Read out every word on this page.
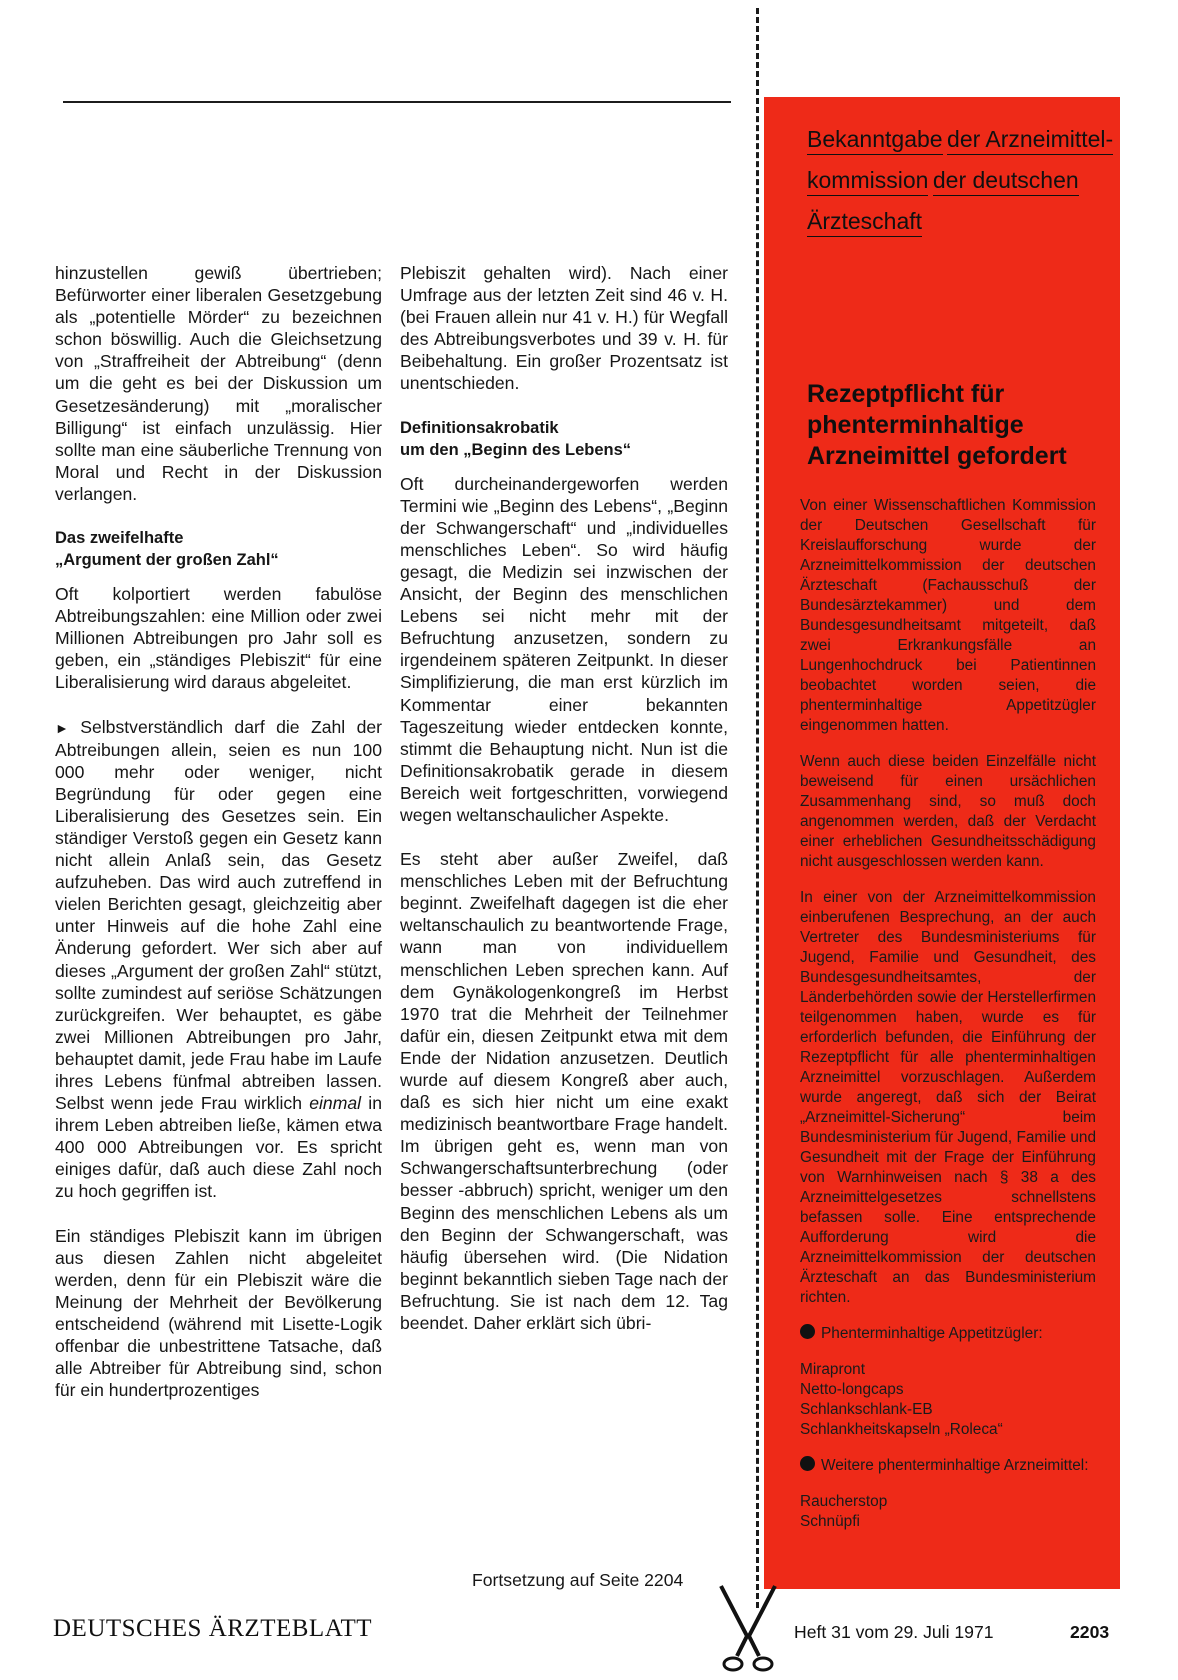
hinzustellen gewiß übertrieben; Befürworter einer liberalen Gesetzgebung als „potentielle Mörder“ zu bezeichnen schon böswillig. Auch die Gleichsetzung von „Straffreiheit der Abtreibung“ (denn um die geht es bei der Diskussion um Gesetzesänderung) mit „moralischer Billigung“ ist einfach unzulässig. Hier sollte man eine säuberliche Trennung von Moral und Recht in der Diskussion verlangen.

Das zweifelhafte
„Argument der großen Zahl“

Oft kolportiert werden fabulöse Abtreibungszahlen: eine Million oder zwei Millionen Abtreibungen pro Jahr soll es geben, ein „ständiges Plebiszit“ für eine Liberalisierung wird daraus abgeleitet.

► Selbstverständlich darf die Zahl der Abtreibungen allein, seien es nun 100 000 mehr oder weniger, nicht Begründung für oder gegen eine Liberalisierung des Gesetzes sein. Ein ständiger Verstoß gegen ein Gesetz kann nicht allein Anlaß sein, das Gesetz aufzuheben. Das wird auch zutreffend in vielen Berichten gesagt, gleichzeitig aber unter Hinweis auf die hohe Zahl eine Änderung gefordert. Wer sich aber auf dieses „Argument der großen Zahl“ stützt, sollte zumindest auf seriöse Schätzungen zurückgreifen. Wer behauptet, es gäbe zwei Millionen Abtreibungen pro Jahr, behauptet damit, jede Frau habe im Laufe ihres Lebens fünfmal abtreiben lassen. Selbst wenn jede Frau wirklich einmal in ihrem Leben abtreiben ließe, kämen etwa 400 000 Abtreibungen vor. Es spricht einiges dafür, daß auch diese Zahl noch zu hoch gegriffen ist.

Ein ständiges Plebiszit kann im übrigen aus diesen Zahlen nicht abgeleitet werden, denn für ein Plebiszit wäre die Meinung der Mehrheit der Bevölkerung entscheidend (während mit Lisette-Logik offenbar die unbestrittene Tatsache, daß alle Abtreiber für Abtreibung sind, schon für ein hundertprozentiges

Plebiszit gehalten wird). Nach einer Umfrage aus der letzten Zeit sind 46 v. H. (bei Frauen allein nur 41 v. H.) für Wegfall des Abtreibungsverbotes und 39 v. H. für Beibehaltung. Ein großer Prozentsatz ist unentschieden.

Definitionsakrobatik
um den „Beginn des Lebens“

Oft durcheinandergeworfen werden Termini wie „Beginn des Lebens“, „Beginn der Schwangerschaft“ und „individuelles menschliches Leben“. So wird häufig gesagt, die Medizin sei inzwischen der Ansicht, der Beginn des menschlichen Lebens sei nicht mehr mit der Befruchtung anzusetzen, sondern zu irgendeinem späteren Zeitpunkt. In dieser Simplifizierung, die man erst kürzlich im Kommentar einer bekannten Tageszeitung wieder entdecken konnte, stimmt die Behauptung nicht. Nun ist die Definitionsakrobatik gerade in diesem Bereich weit fortgeschritten, vorwiegend wegen weltanschaulicher Aspekte.

Es steht aber außer Zweifel, daß menschliches Leben mit der Befruchtung beginnt. Zweifelhaft dagegen ist die eher weltanschaulich zu beantwortende Frage, wann man von individuellem menschlichen Leben sprechen kann. Auf dem Gynäkologenkongreß im Herbst 1970 trat die Mehrheit der Teilnehmer dafür ein, diesen Zeitpunkt etwa mit dem Ende der Nidation anzusetzen. Deutlich wurde auf diesem Kongreß aber auch, daß es sich hier nicht um eine exakt medizinisch beantwortbare Frage handelt. Im übrigen geht es, wenn man von Schwangerschaftsunterbrechung (oder besser -abbruch) spricht, weniger um den Beginn des menschlichen Lebens als um den Beginn der Schwangerschaft, was häufig übersehen wird. (Die Nidation beginnt bekanntlich sieben Tage nach der Befruchtung. Sie ist nach dem 12. Tag beendet. Daher erklärt sich übri-

Fortsetzung auf Seite 2204
Bekanntgabe der Arzneimittel- kommission der deutschen Ärzteschaft
Rezeptpflicht für phenterminhaltige Arzneimittel gefordert

Von einer Wissenschaftlichen Kommission der Deutschen Gesellschaft für Kreislaufforschung wurde der Arzneimittelkommission der deutschen Ärzteschaft (Fachausschuß der Bundesärztekammer) und dem Bundesgesundheitsamt mitgeteilt, daß zwei Erkrankungsfälle an Lungenhochdruck bei Patientinnen beobachtet worden seien, die phenterminhaltige Appetitzügler eingenommen hatten.

Wenn auch diese beiden Einzelfälle nicht beweisend für einen ursächlichen Zusammenhang sind, so muß doch angenommen werden, daß der Verdacht einer erheblichen Gesundheitsschädigung nicht ausgeschlossen werden kann.

In einer von der Arzneimittelkommission einberufenen Besprechung, an der auch Vertreter des Bundesministeriums für Jugend, Familie und Gesundheit, des Bundesgesundheitsamtes, der Länderbehörden sowie der Herstellerfirmen teilgenommen haben, wurde es für erforderlich befunden, die Einführung der Rezeptpflicht für alle phenterminhaltigen Arzneimittel vorzuschlagen. Außerdem wurde angeregt, daß sich der Beirat „Arzneimittel-Sicherung“ beim Bundesministerium für Jugend, Familie und Gesundheit mit der Frage der Einführung von Warnhinweisen nach § 38 a des Arzneimittelgesetzes schnellstens befassen solle. Eine entsprechende Aufforderung wird die Arzneimittelkommission der deutschen Ärzteschaft an das Bundesministerium richten.

Phenterminhaltige Appetitzügler:

Mirapront
Netto-longcaps
Schlankschlank-EB
Schlankheitskapseln „Roleca“

Weitere phenterminhaltige Arzneimittel:

Raucherstop
Schnüpfi
DEUTSCHES ÄRZTEBLATT	Heft 31 vom 29. Juli 1971	2203
